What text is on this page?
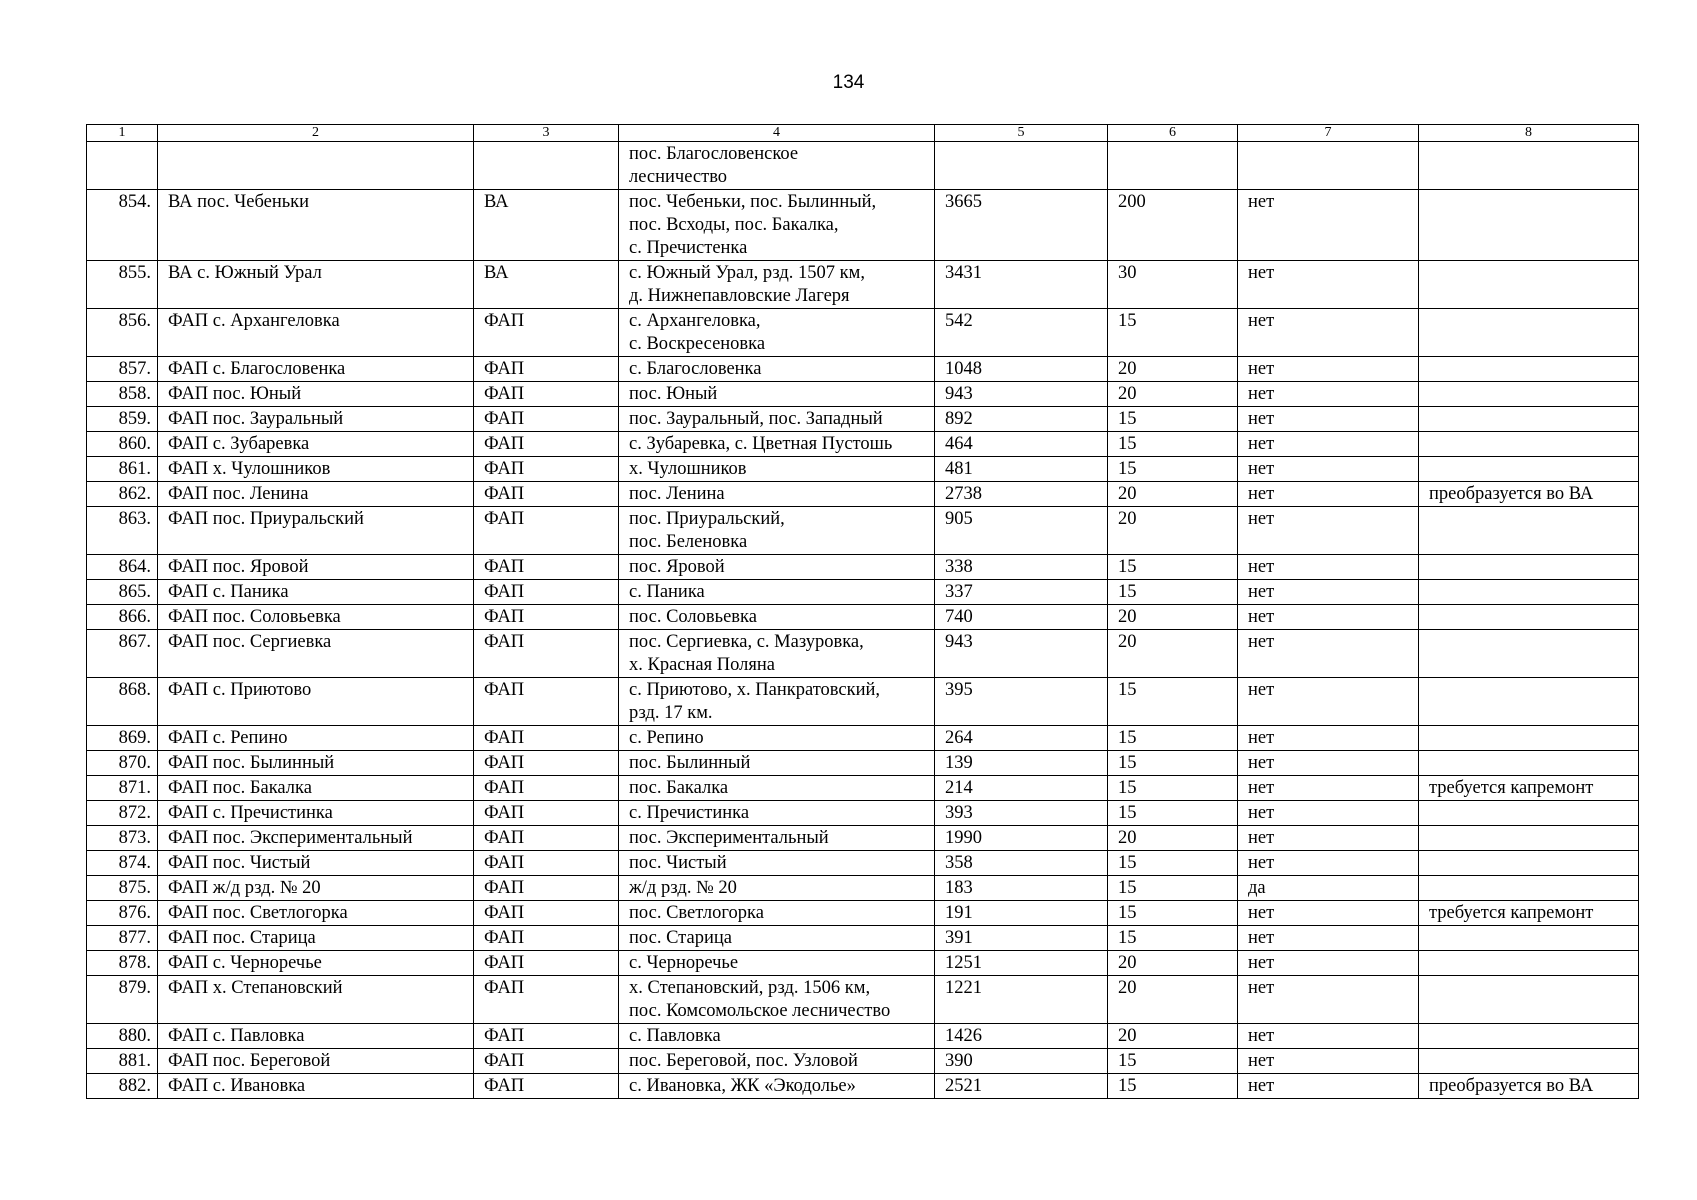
134
1	2	3	4	5	6	7	8

			пос. Благословенское
лесничество				

854.	ВА пос. Чебеньки	ВА	пос. Чебеньки, пос. Былинный,
пос. Всходы, пос. Бакалка,
с. Пречистенка	3665	200	нет	
855.	ВА с. Южный Урал	ВА	с. Южный Урал, рзд. 1507 км,
д. Нижнепавловские Лагеря	3431	30	нет	
856.	ФАП с. Архангеловка	ФАП	с. Архангеловка,
с. Воскресеновка	542	15	нет	
857.	ФАП с. Благословенка	ФАП	с. Благословенка	1048	20	нет	
858.	ФАП пос. Юный	ФАП	пос. Юный	943	20	нет	
859.	ФАП пос. Зауральный	ФАП	пос. Зауральный, пос. Западный	892	15	нет	
860.	ФАП с. Зубаревка	ФАП	с. Зубаревка, с. Цветная Пустошь	464	15	нет	
861.	ФАП х. Чулошников	ФАП	х. Чулошников	481	15	нет	
862.	ФАП пос. Ленина	ФАП	пос. Ленина	2738	20	нет	преобразуется во ВА
863.	ФАП пос. Приуральский	ФАП	пос. Приуральский,
пос. Беленовка	905	20	нет	
864.	ФАП пос. Яровой	ФАП	пос. Яровой	338	15	нет	
865.	ФАП с. Паника	ФАП	с. Паника	337	15	нет	
866.	ФАП пос. Соловьевка	ФАП	пос. Соловьевка	740	20	нет	
867.	ФАП пос. Сергиевка	ФАП	пос. Сергиевка, с. Мазуровка,
х. Красная Поляна	943	20	нет	
868.	ФАП с. Приютово	ФАП	с. Приютово, х. Панкратовский,
рзд. 17 км.	395	15	нет	
869.	ФАП с. Репино	ФАП	с. Репино	264	15	нет	
870.	ФАП пос. Былинный	ФАП	пос. Былинный	139	15	нет	
871.	ФАП пос. Бакалка	ФАП	пос. Бакалка	214	15	нет	требуется капремонт
872.	ФАП с. Пречистинка	ФАП	с. Пречистинка	393	15	нет	
873.	ФАП пос. Экспериментальный	ФАП	пос. Экспериментальный	1990	20	нет	
874.	ФАП пос. Чистый	ФАП	пос. Чистый	358	15	нет	
875.	ФАП ж/д рзд. № 20	ФАП	ж/д рзд. № 20	183	15	да	
876.	ФАП пос. Светлогорка	ФАП	пос. Светлогорка	191	15	нет	требуется капремонт
877.	ФАП пос. Старица	ФАП	пос. Старица	391	15	нет	
878.	ФАП с. Черноречье	ФАП	с. Черноречье	1251	20	нет	
879.	ФАП х. Степановский	ФАП	х. Степановский, рзд. 1506 км,
пос. Комсомольское лесничество	1221	20	нет	
880.	ФАП с. Павловка	ФАП	с. Павловка	1426	20	нет	
881.	ФАП пос. Береговой	ФАП	пос. Береговой, пос. Узловой	390	15	нет	
882.	ФАП с. Ивановка	ФАП	с. Ивановка, ЖК «Экодолье»	2521	15	нет	преобразуется во ВА
